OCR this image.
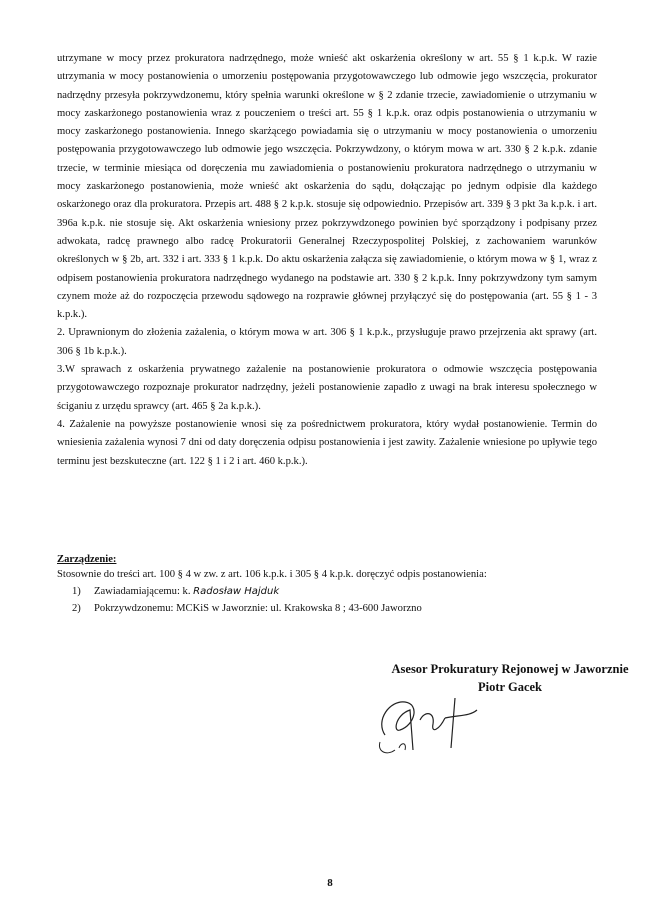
utrzymane w mocy przez prokuratora nadrzędnego, może wnieść akt oskarżenia określony w art. 55 § 1 k.p.k. W razie utrzymania w mocy postanowienia o umorzeniu postępowania przygotowawczego lub odmowie jego wszczęcia, prokurator nadrzędny przesyła pokrzywdzonemu, który spełnia warunki określone w § 2 zdanie trzecie, zawiadomienie o utrzymaniu w mocy zaskarżonego postanowienia wraz z pouczeniem o treści art. 55 § 1 k.p.k. oraz odpis postanowienia o utrzymaniu w mocy zaskarżonego postanowienia. Innego skarżącego powiadamia się o utrzymaniu w mocy postanowienia o umorzeniu postępowania przygotowawczego lub odmowie jego wszczęcia. Pokrzywdzony, o którym mowa w art. 330 § 2 k.p.k. zdanie trzecie, w terminie miesiąca od doręczenia mu zawiadomienia o postanowieniu prokuratora nadrzędnego o utrzymaniu w mocy zaskarżonego postanowienia, może wnieść akt oskarżenia do sądu, dołączając po jednym odpisie dla każdego oskarżonego oraz dla prokuratora. Przepis art. 488 § 2 k.p.k. stosuje się odpowiednio. Przepisów art. 339 § 3 pkt 3a k.p.k. i art. 396a k.p.k. nie stosuje się. Akt oskarżenia wniesiony przez pokrzywdzonego powinien być sporządzony i podpisany przez adwokata, radcę prawnego albo radcę Prokuratorii Generalnej Rzeczypospolitej Polskiej, z zachowaniem warunków określonych w § 2b, art. 332 i art. 333 § 1 k.p.k. Do aktu oskarżenia załącza się zawiadomienie, o którym mowa w § 1, wraz z odpisem postanowienia prokuratora nadrzędnego wydanego na podstawie art. 330 § 2 k.p.k. Inny pokrzywdzony tym samym czynem może aż do rozpoczęcia przewodu sądowego na rozprawie głównej przyłączyć się do postępowania (art. 55 § 1 - 3 k.p.k.).

2. Uprawnionym do złożenia zażalenia, o którym mowa w art. 306 § 1 k.p.k., przysługuje prawo przejrzenia akt sprawy (art. 306 § 1b k.p.k.).

3.W sprawach z oskarżenia prywatnego zażalenie na postanowienie prokuratora o odmowie wszczęcia postępowania przygotowawczego rozpoznaje prokurator nadrzędny, jeżeli postanowienie zapadło z uwagi na brak interesu społecznego w ściganiu z urzędu sprawcy (art. 465 § 2a k.p.k.).

4. Zażalenie na powyższe postanowienie wnosi się za pośrednictwem prokuratora, który wydał postanowienie. Termin do wniesienia zażalenia wynosi 7 dni od daty doręczenia odpisu postanowienia i jest zawity. Zażalenie wniesione po upływie tego terminu jest bezskuteczne (art. 122 § 1 i 2 i art. 460 k.p.k.).

Zarządzenie:
Stosownie do treści art. 100 § 4 w zw. z art. 106 k.p.k. i 305 § 4 k.p.k. doręczyć odpis postanowienia:
1) Zawiadamiającemu: k. Radosław Hajduk
2) Pokrzywdzonemu: MCKiS w Jaworznie: ul. Krakowska 8 ; 43-600 Jaworzno
Asesor Prokuratury Rejonowej w Jaworznie
Piotr Gacek
8
